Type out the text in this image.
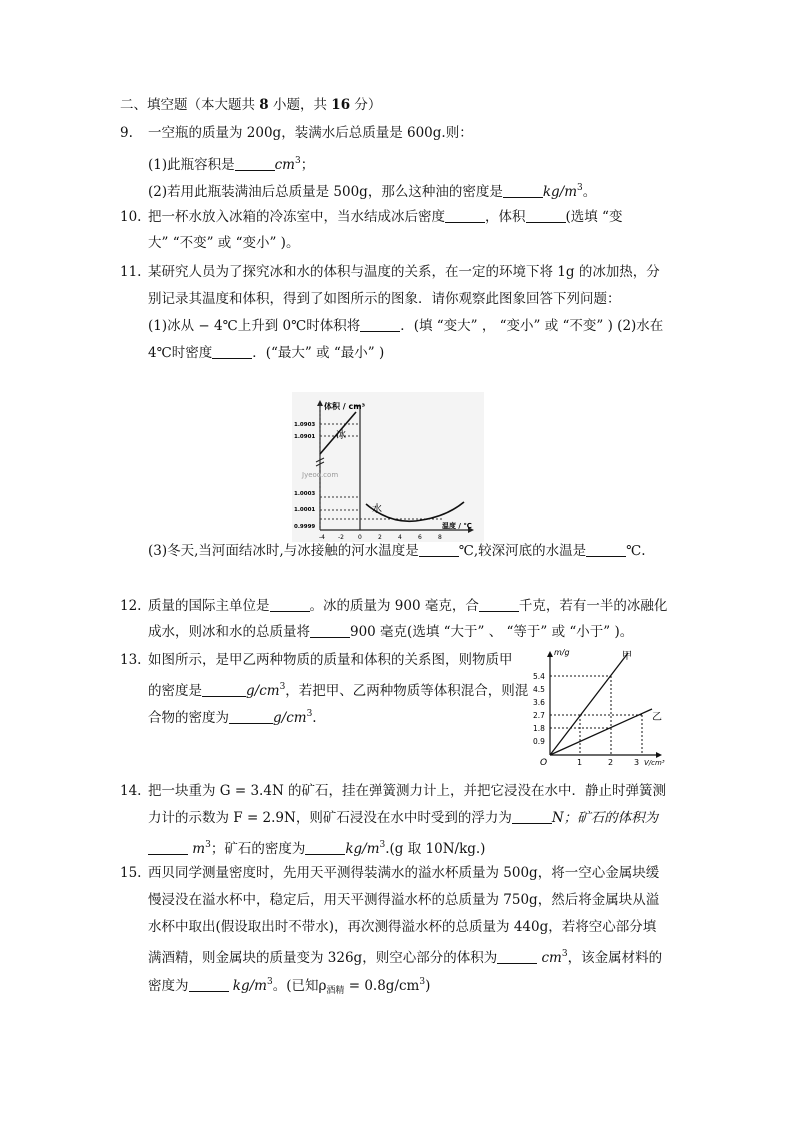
二、填空题（本大题共 8 小题，共 16 分）
9. 一空瓶的质量为 200g，装满水后总质量是 600g.则：
(1)此瓶容积是	$cm^3$；
(2)若用此瓶装满油后总质量是 500g，那么这种油的密度是	$kg/m^3$。
10. 把一杯水放入冰箱的冷冻室中，当水结成冰后密度	，体积	(选填 “变
大” “不变” 或 “变小” )。
11. 某研究人员为了探究冰和水的体积与温度的关系，在一定的环境下将 1g 的冰加热，分
别记录其温度和体积，得到了如图所示的图象．请你观察此图象回答下列问题：
(1)冰从 − 4℃上升到 0℃时体积将	．(填 “变大” ， “变小” 或 “不变” ) (2)水在
4℃时密度	．(“最大” 或 “最小” )
体积 / cm³
冰
水
Jyeoo.com
温度 / ℃
1.0903
1.0901
1.0003
1.0001
0.9999
-4 -2 0	2	4	6	8
(3)冬天,当河面结冰时,与冰接触的河水温度是	℃,较深河底的水温是	℃.
12. 质量的国际主单位是	。冰的质量为 900 毫克，合	千克，若有一半的冰融化
成水，则冰和水的总质量将	900 毫克(选填 “大于” 、 “等于” 或 “小于” )。
13. 如图所示，是甲乙两种物质的质量和体积的关系图，则物质甲
的密度是	$g/cm^3$，若把甲、乙两种物质等体积混合，则混
合物的密度为	$g/cm^3$.
m/g	甲
乙
O	V/cm³
5.4
4.5
3.6
2.7
1.8
0.9
1	2	3
14. 把一块重为 G = 3.4N 的矿石，挂在弹簧测力计上，并把它浸没在水中．静止时弹簧测
力计的示数为 F = 2.9N，则矿石浸没在水中时受到的浮力为	N；矿石的体积为
$m^3$；矿石的密度为	$kg/m^3.(g$ 取 10N/kg.)
15. 西贝同学测量密度时，先用天平测得装满水的溢水杯质量为 500g，将一空心金属块缓
慢浸没在溢水杯中，稳定后，用天平测得溢水杯的总质量为 750g，然后将金属块从溢
水杯中取出(假设取出时不带水)，再次测得溢水杯的总质量为 440g，若将空心部分填
满酒精，则金属块的质量变为 326g，则空心部分的体积为	$cm^3$，该金属材料的
密度为	$kg/m^3$。(已知$\rho_{酒精} = 0.8g/cm^3$)
